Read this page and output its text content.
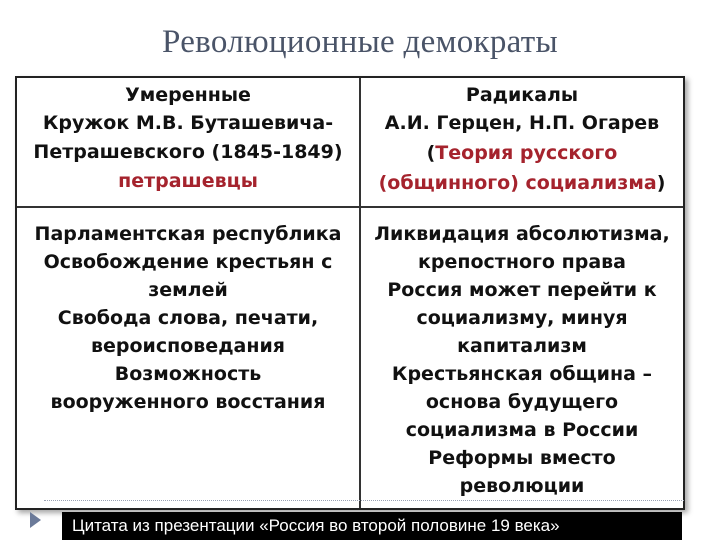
Революционные демократы
Умеренные
Кружок М.В. Буташевича-
Петрашевского (1845-1849)
петрашевцы
Радикалы
А.И. Герцен, Н.П. Огарев
(Теория русского
(общинного) социализма)
Парламентская республика
Освобождение крестьян с
землей
Свобода слова, печати,
вероисповедания
Возможность
вооруженного восстания
Ликвидация абсолютизма,
крепостного права
Россия может перейти к
социализму, минуя
капитализм
Крестьянская община –
основа будущего
социализма в России
Реформы вместо
революции
Цитата из презентации «Россия во второй половине 19 века»
